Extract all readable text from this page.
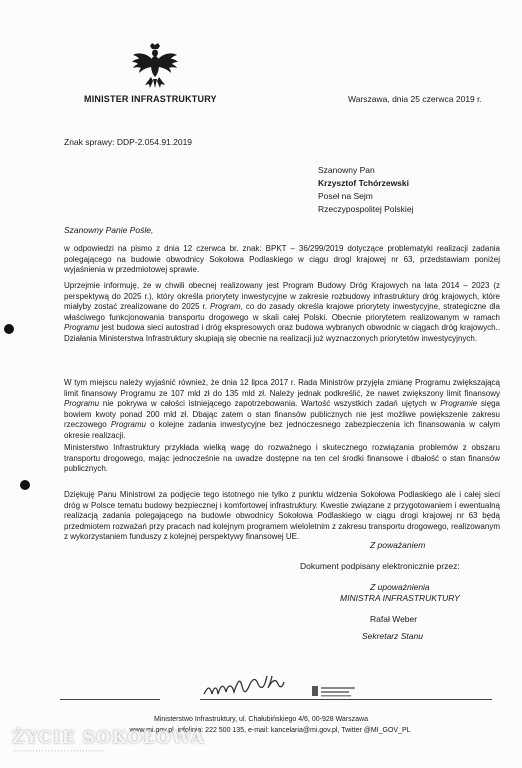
MINISTER INFRASTRUKTURY	Warszawa, dnia 25 czerwca 2019 r.
Znak sprawy: DDP-2.054.91.2019
Szanowny Pan
Krzysztof Tchórzewski
Poseł na Sejm
Rzeczypospolitej Polskiej
Szanowny Panie Pośle,

w odpowiedzi na pismo z dnia 12 czerwca br. znak: BPKT – 36/299/2019 dotyczące problematyki realizacji zadania polegającego na budowie obwodnicy Sokołowa Podlaskiego w ciągu drogi krajowej nr 63, przedstawiam poniżej wyjaśnienia w przedmiotowej sprawie.

Uprzejmie informuję, że w chwili obecnej realizowany jest Program Budowy Dróg Krajowych na lata 2014 – 2023 (z perspektywą do 2025 r.), który określa priorytety inwestycyjne w zakresie rozbudowy infrastruktury dróg krajowych, które miałyby zostać zrealizowane do 2025 r. Program, co do zasady określa krajowe priorytety inwestycyjne, strategiczne dla właściwego funkcjonowania transportu drogowego w skali całej Polski. Obecnie priorytetem realizowanym w ramach Programu jest budowa sieci autostrad i dróg ekspresowych oraz budowa wybranych obwodnic w ciągach dróg krajowych.. Działania Ministerstwa Infrastruktury skupiają się obecnie na realizacji już wyznaczonych priorytetów inwestycyjnych.

W tym miejscu należy wyjaśnić również, że dnia 12 lipca 2017 r. Rada Ministrów przyjęła zmianę Programu zwiększającą limit finansowy Programu ze 107 mld zł do 135 mld zł. Należy jednak podkreślić, że nawet zwiększony limit finansowy Programu nie pokrywa w całości istniejącego zapotrzebowania. Wartość wszystkich zadań ujętych w Programie sięga bowiem kwoty ponad 200 mld zł. Dbając zatem o stan finansów publicznych nie jest możliwe powiększenie zakresu rzeczowego Programu o kolejne zadania inwestycyjne bez jednoczesnego zabezpieczenia ich finansowania w całym okresie realizacji.

Ministerstwo Infrastruktury przykłada wielką wagę do rozważnego i skutecznego rozwiązania problemów z obszaru transportu drogowego, mając jednocześnie na uwadze dostępne na ten cel środki finansowe i dbałość o stan finansów publicznych.

Dziękuję Panu Ministrowi za podjęcie tego istotnego nie tylko z punktu widzenia Sokołowa Podlaskiego ale i całej sieci dróg w Polsce tematu budowy bezpiecznej i komfortowej infrastruktury. Kwestie związane z przygotowaniem i ewentualną realizacją zadania polegającego na budowie obwodnicy Sokołowa Podlaskiego w ciągu drogi krajowej nr 63 będą przedmiotem rozważań przy pracach nad kolejnym programem wieloletnim z zakresu transportu drogowego, realizowanym z wykorzystaniem funduszy z kolejnej perspektywy finansowej UE.

Z poważaniem
Dokument podpisany elektronicznie przez:
Z upoważnienia
MINISTRA INFRASTRUKTURY
Rafał Weber
Sekretarz Stanu
Ministerstwo Infrastruktury, ul. Chałubińskiego 4/6, 00-928 Warszawa
www.mi.gov.pl, infolinia: 222 500 135, e-mail: kancelaria@mi.gov.pl, Twitter @MI_GOV_PL
ŻYCIE SOKOŁOWA
▪ ▪ ▪ ▪ ▪ ▪ ▪ ▪ ▪ ▪ ▪ ▪ ▪ ▪ ▪ ▪ ▪ ▪ ▪ ▪ ▪ ▪ ▪ ▪ ▪ ▪ ▪ ▪ ▪
